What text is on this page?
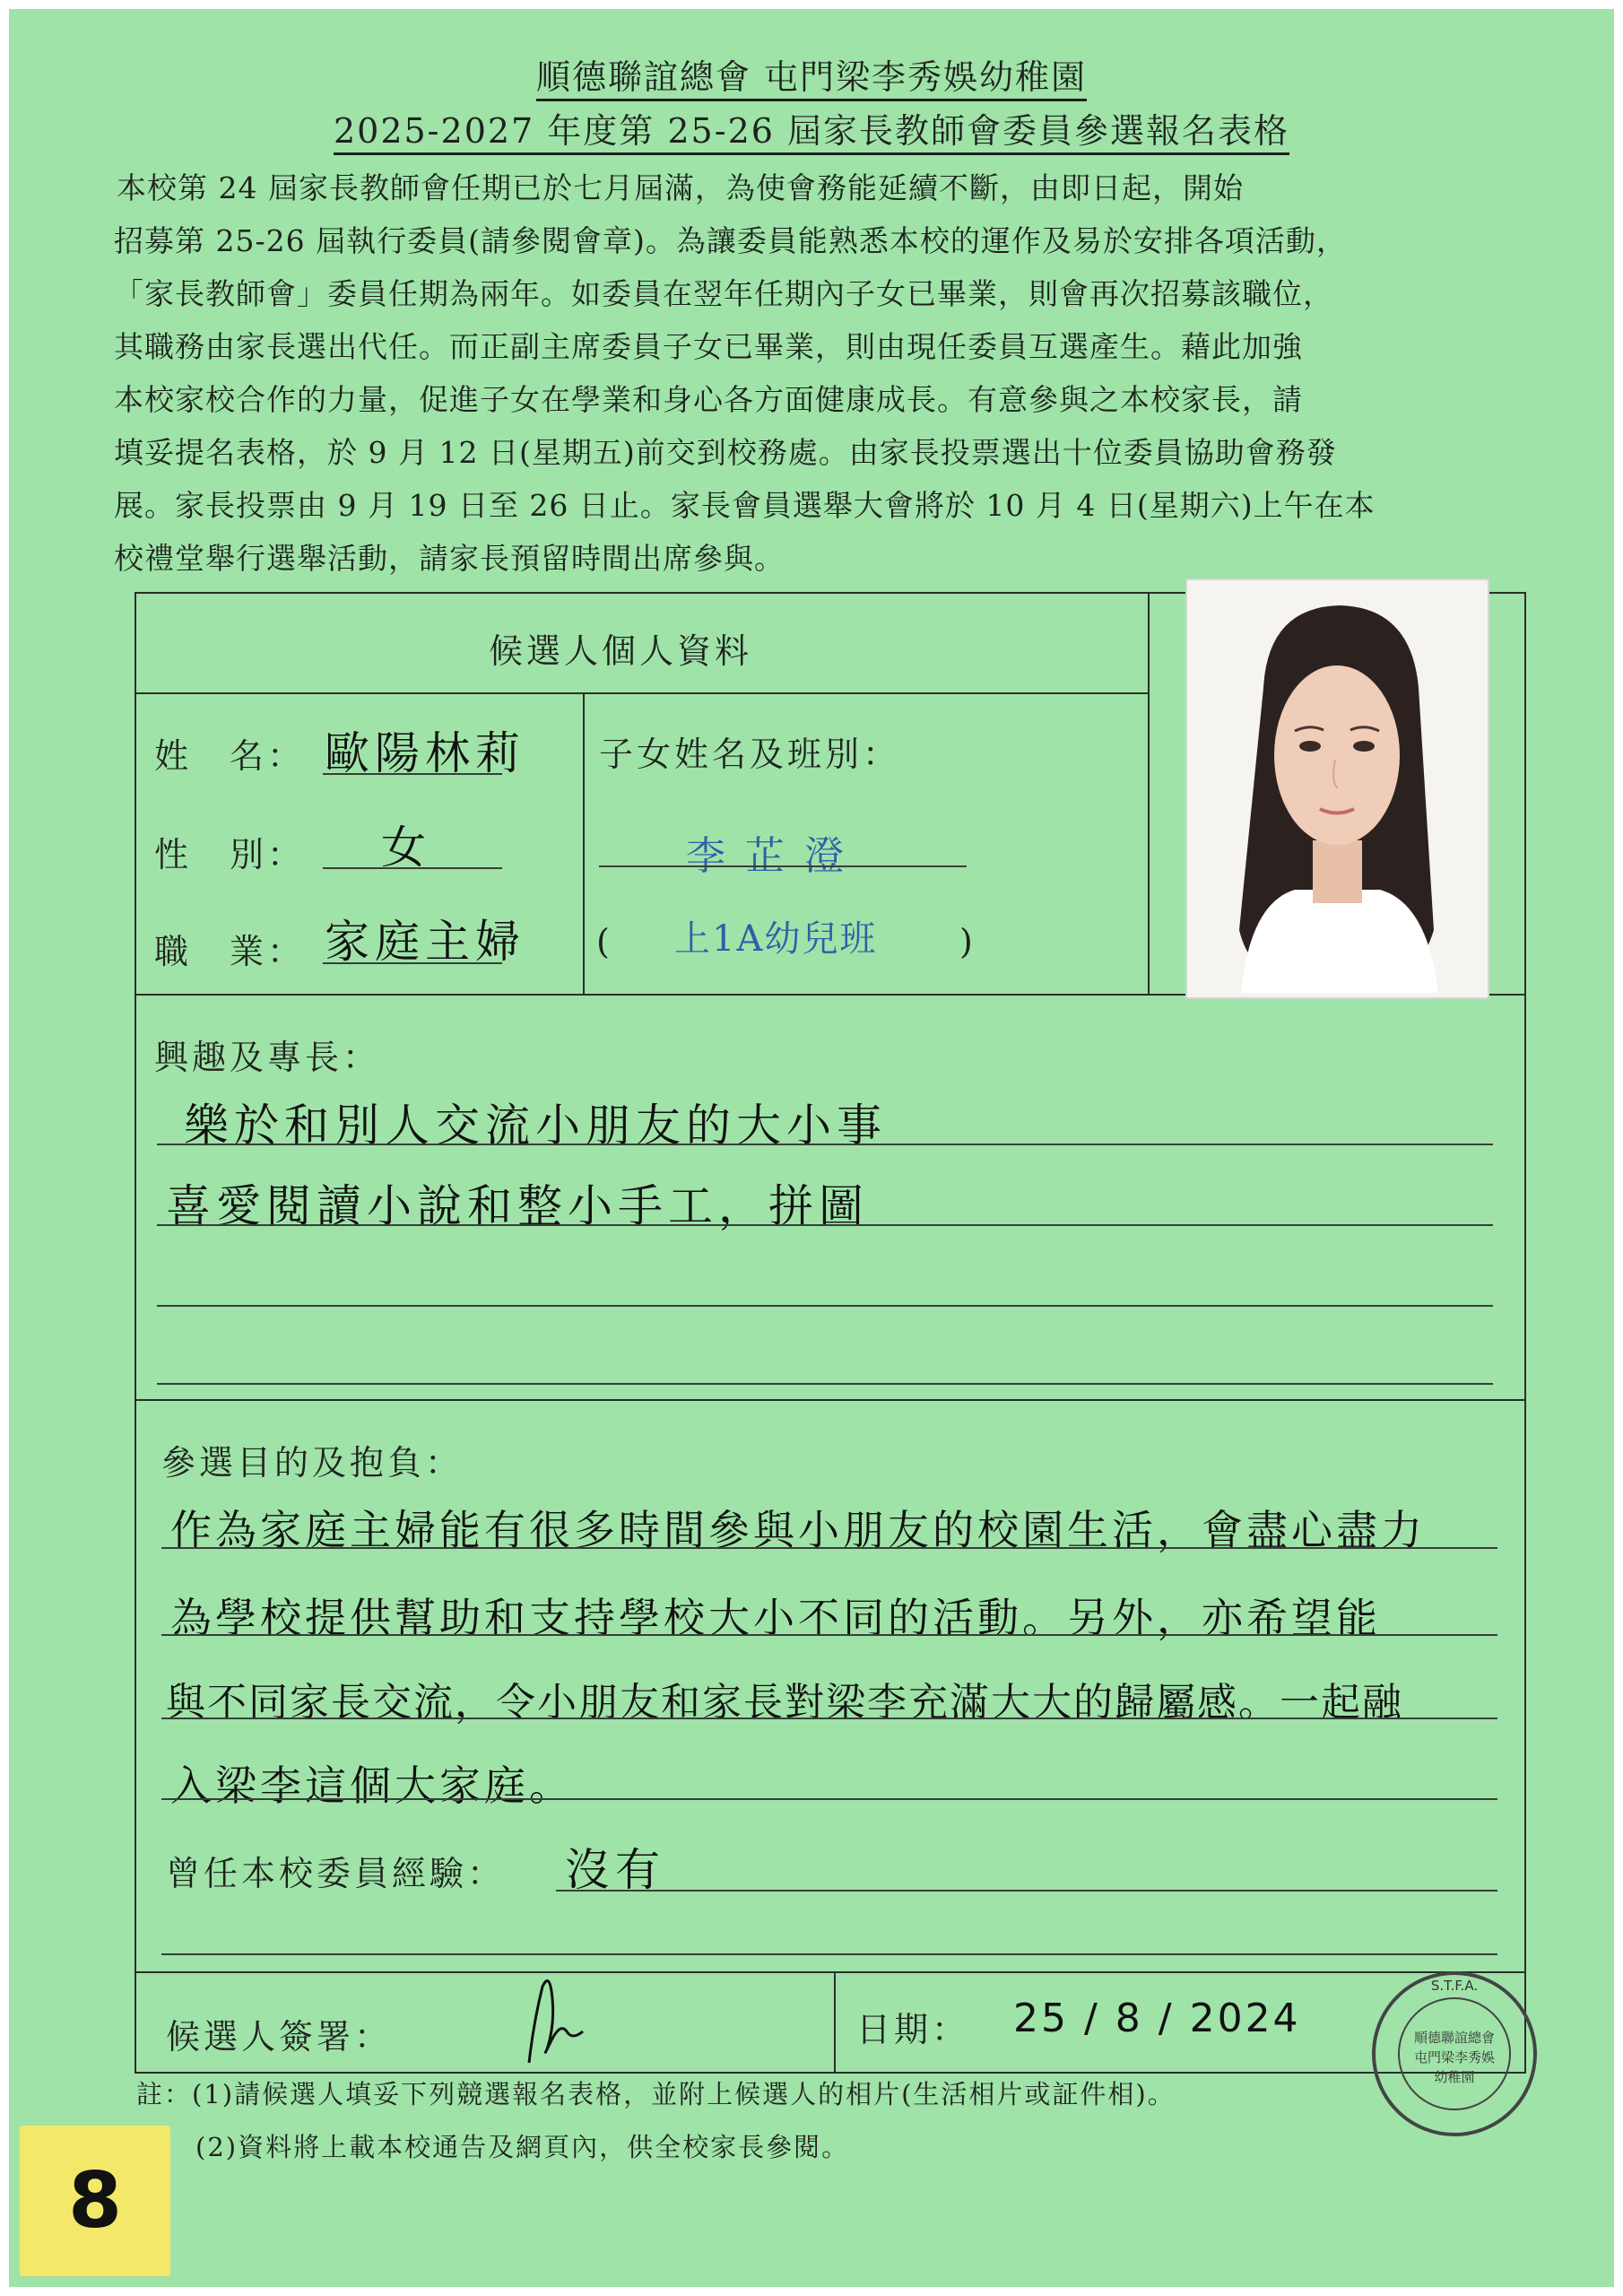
順德聯誼總會 屯門梁李秀娛幼稚園
2025-2027 年度第 25-26 屆家長教師會委員參選報名表格
本校第 24 屆家長教師會任期已於七月屆滿，為使會務能延續不斷，由即日起，開始
招募第 25-26 屆執行委員(請參閱會章)。為讓委員能熟悉本校的運作及易於安排各項活動，
「家長教師會」委員任期為兩年。如委員在翌年任期內子女已畢業，則會再次招募該職位，
其職務由家長選出代任。而正副主席委員子女已畢業，則由現任委員互選產生。藉此加強
本校家校合作的力量，促進子女在學業和身心各方面健康成長。有意參與之本校家長，請
填妥提名表格，於 9 月 12 日(星期五)前交到校務處。由家長投票選出十位委員協助會務發
展。家長投票由 9 月 19 日至 26 日止。家長會員選舉大會將於 10 月 4 日(星期六)上午在本
校禮堂舉行選舉活動，請家長預留時間出席參與。
候選人個人資料
姓　名： 歐陽林莉
性　別： 女
職　業： 家庭主婦
子女姓名及班別：
李芷澄
( 上1A幼兒班 )
興趣及專長：
樂於和別人交流小朋友的大小事
喜愛閱讀小說和整小手工，拼圖
參選目的及抱負：
作為家庭主婦能有很多時間參與小朋友的校園生活，會盡心盡力
為學校提供幫助和支持學校大小不同的活動。另外，亦希望能
與不同家長交流，令小朋友和家長對梁李充滿大大的歸屬感。一起融
入梁李這個大家庭。
曾任本校委員經驗： 沒有
候選人簽署：	日期： 25 / 8 / 2024
S.T.F.A.
順德聯誼總會
屯門梁李秀娛
幼稚園
註：(1)請候選人填妥下列競選報名表格，並附上候選人的相片(生活相片或証件相)。
(2)資料將上載本校通告及網頁內，供全校家長參閱。
8
